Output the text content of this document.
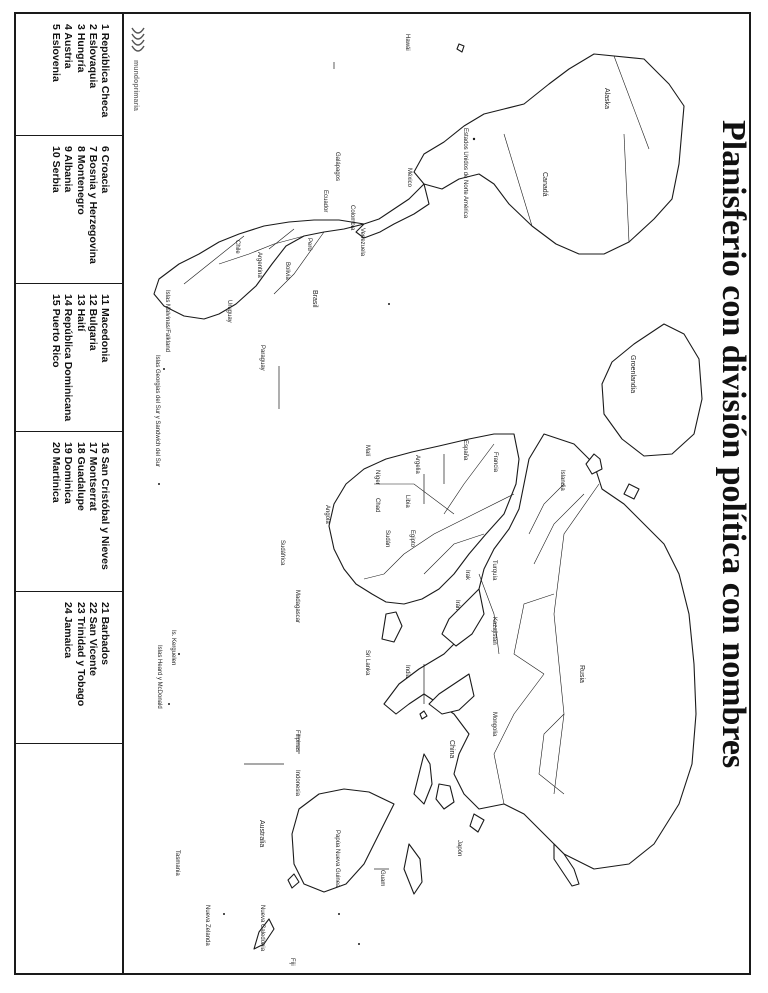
1 República Checa
2 Eslovaquia
3 Hungría
4 Austria
5 Eslovenia
6 Croacia
7 Bosnia y Herzegovina
8 Montenegro
9 Albania
10 Serbia
11 Macedonia
12 Bulgaria
13 Haití
14 República Dominicana
15 Puerto Rico
16 San Cristóbal y Nieves
17 Montserrat
18 Guadalupe
19 Dominica
20 Martinica
21 Barbados
22 San Vicente
23 Trinidad y Tobago
24 Jamaica
mundoprimaria
Hawái
Alaska
Canadá
Estados Unidos de Norte América
México
Groenlandia
Islandia
Brasil
Perú
Bolivia
Chile
Argentina
Uruguay
Paraguay
Colombia
Venezuela
Ecuador
Galápagos
Islas Malvinas/Falkland
Islas Georgias del Sur y Sandwich del Sur
Rusia
Kazajistán
Mongolia
China
India
Sri Lanka
Japón
Indonesia
Filipinas
Australia
Nueva Zelanda
Papúa Nueva Guinea
Tasmania
Argelia
Libia
Egipto
Sudán
Chad
Níger
Malí
Angola
Sudáfrica
Madagascar
Irak
Irán
Turquía
Francia
España
Is. Kerguelen
Islas Heard y McDonald
Guam
Fiji
Nueva Caledonia
Planisferio con división política con nombres
